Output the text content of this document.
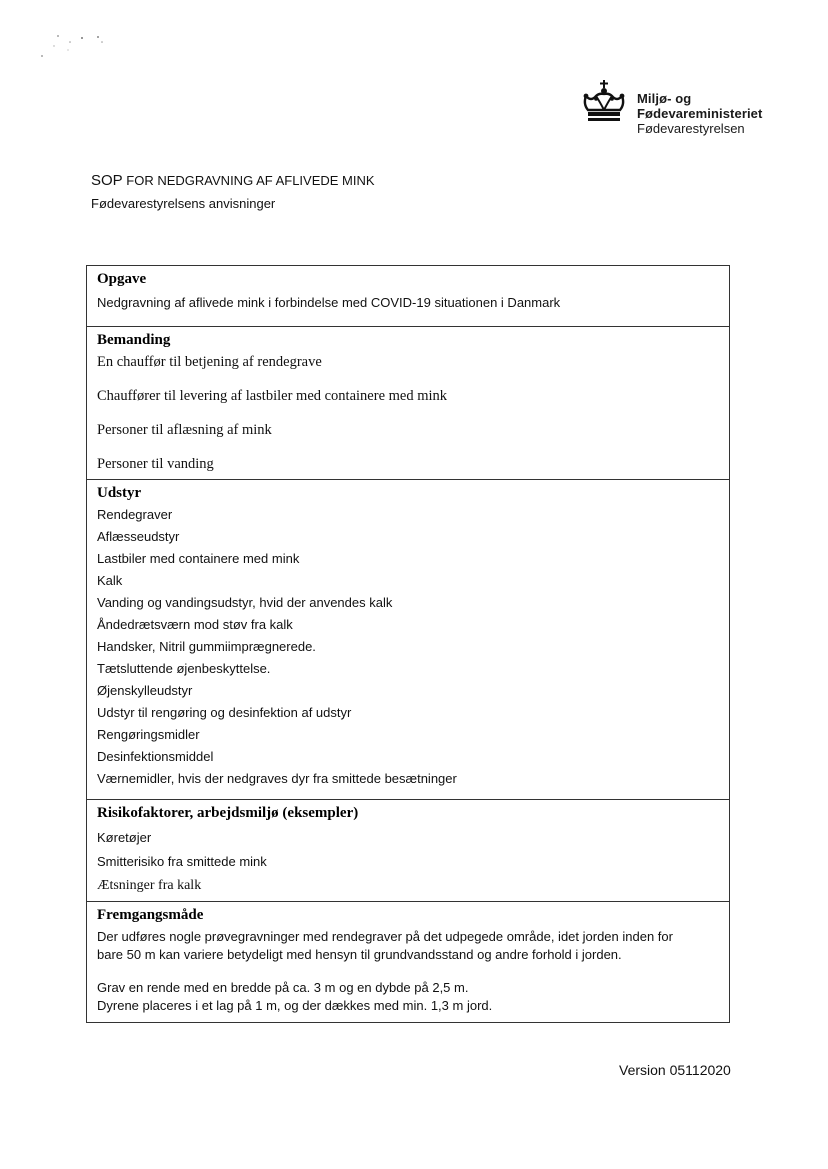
Miljø- og
Fødevareministeriet
Fødevarestyrelsen
SOP FOR NEDGRAVNING AF AFLIVEDE MINK
Fødevarestyrelsens anvisninger
Opgave
Nedgravning af aflivede mink i forbindelse med COVID-19 situationen i Danmark
Bemanding
En chauffør til betjening af rendegrave
Chauffører til levering af lastbiler med containere med mink
Personer til aflæsning af mink
Personer til vanding
Udstyr
Rendegraver
Aflæsseudstyr
Lastbiler med containere med mink
Kalk
Vanding og vandingsudstyr, hvid der anvendes kalk
Åndedrætsværn mod støv fra kalk
Handsker, Nitril gummiimprægnerede.
Tætsluttende øjenbeskyttelse.
Øjenskylleudstyr
Udstyr til rengøring og desinfektion af udstyr
Rengøringsmidler
Desinfektionsmiddel
Værnemidler, hvis der nedgraves dyr fra smittede besætninger
Risikofaktorer, arbejdsmiljø (eksempler)
Køretøjer
Smitterisiko fra smittede mink
Ætsninger fra kalk
Fremgangsmåde
Der udføres nogle prøvegravninger med rendegraver på det udpegede område, idet jorden inden for
bare 50 m kan variere betydeligt med hensyn til grundvandsstand og andre forhold i jorden.
Grav en rende med en bredde på ca. 3 m og en dybde på 2,5 m.
Dyrene placeres i et lag på 1 m, og der dækkes med min. 1,3 m jord.
Version 05112020
